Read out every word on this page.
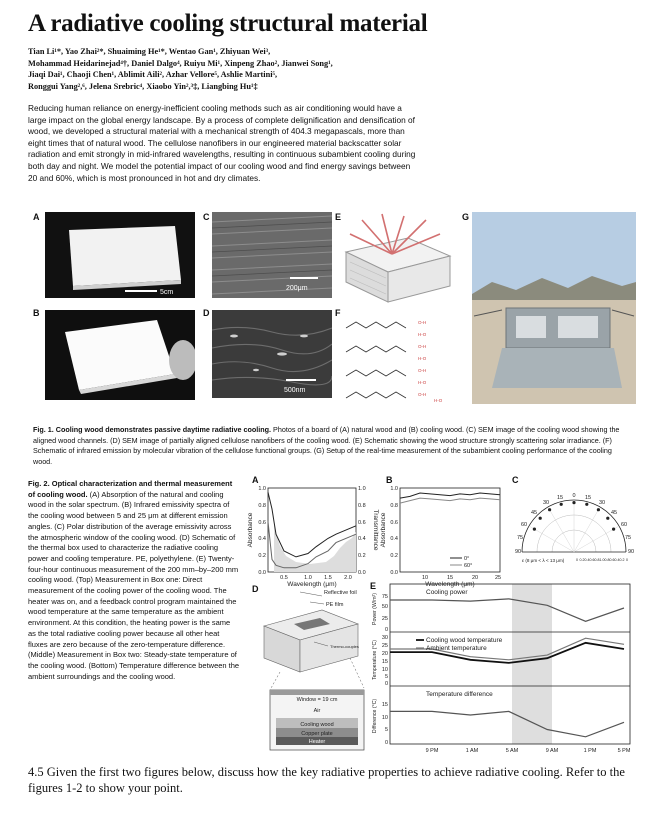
A radiative cooling structural material
Tian Li¹*, Yao Zhai²*, Shuaiming He¹*, Wentao Gan¹, Zhiyuan Wei³,
Mohammad Heidarinejad⁴†, Daniel Dalgo⁴, Ruiyu Mi¹, Xinpeng Zhao², Jianwei Song¹,
Jiaqi Dai¹, Chaoji Chen¹, Ablimit Aili², Azhar Vellore⁵, Ashlie Martini⁵,
Ronggui Yang²,⁶, Jelena Srebric⁴, Xiaobo Yin²,³‡, Liangbing Hu¹‡
Reducing human reliance on energy-inefficient cooling methods such as air conditioning would have a large impact on the global energy landscape. By a process of complete delignification and densification of wood, we developed a structural material with a mechanical strength of 404.3 megapascals, more than eight times that of natural wood. The cellulose nanofibers in our engineered material backscatter solar radiation and emit strongly in mid-infrared wavelengths, resulting in continuous subambient cooling during both day and night. We model the potential impact of our cooling wood and find energy savings between 20 and 60%, which is most pronounced in hot and dry climates.
A
B
C
D
E
F
G
5cm
200μm
500nm
O-H
H-O
O-H
H-O
O-H
H-O
O-H
H-O
Fig. 1. Cooling wood demonstrates passive daytime radiative cooling. Photos of a board of (A) natural wood and (B) cooling wood. (C) SEM image of the cooling wood showing the aligned wood channels. (D) SEM image of partially aligned cellulose nanofibers of the cooling wood. (E) Schematic showing the wood structure strongly scattering solar irradiance. (F) Schematic of infrared emission by molecular vibration of the cellulose functional groups. (G) Setup of the real-time measurement of the subambient cooling performance of the cooling wood.
Fig. 2. Optical characterization and thermal measurement of cooling wood. (A) Absorption of the natural and cooling wood in the solar spectrum. (B) Infrared emissivity spectra of the cooling wood between 5 and 25 μm at different emission angles. (C) Polar distribution of the average emissivity across the atmospheric window of the cooling wood. (D) Schematic of the thermal box used to characterize the radiative cooling power and cooling temperature. PE, polyethylene. (E) Twenty-four-hour continuous measurement of the 200 mm–by–200 mm cooling wood. (Top) Measurement in Box one: Direct measurement of the cooling power of the cooling wood. The heater was on, and a feedback control program maintained the wood temperature at the same temperature as the ambient environment. At this condition, the heating power is the same as the total radiative cooling power because all other heat fluxes are zero because of the zero-temperature difference. (Middle) Measurement in Box two: Steady-state temperature of the cooling wood. (Bottom) Temperature difference between the ambient surroundings and the cooling wood.
A	B	C
D	E
0.0
0.2
0.4
0.6
0.8
1.0
0.0
0.2
0.4
0.6
0.8
1.0
0.5	1.0 1.5 2.0
Wavelength (μm)
Absorbance	Transmittance
0°
60°
0.0
0.2
0.4
0.6
0.8
1.0
10	15	20	25
Wavelength (μm)
Absorbance
0
15
30
45
60
75
90
15
30
45
60
75
90
ε (8 μm < λ < 13 μm)	0 0.2 0.4 0.6 0.8 1.0 0.8 0.6 0.4 0.2 0
Reflective foil
PE film
Thermo-couples
Window = 19 cm
Air
Cooling wood
Copper plate
Heater
Cooling power
Cooling wood temperature
Ambient temperature
Temperature difference
75
50
25
0
30
25
20
15
10
5
0
15
10
5
0
9 PM	1 AM	5 AM	9 AM	1 PM	5 PM
Power (W/m²)
Temperature (°C)
Difference (°C)
4.5 Given the first two figures below, discuss how the key radiative properties to achieve radiative cooling. Refer to the figures 1-2 to show your point.
